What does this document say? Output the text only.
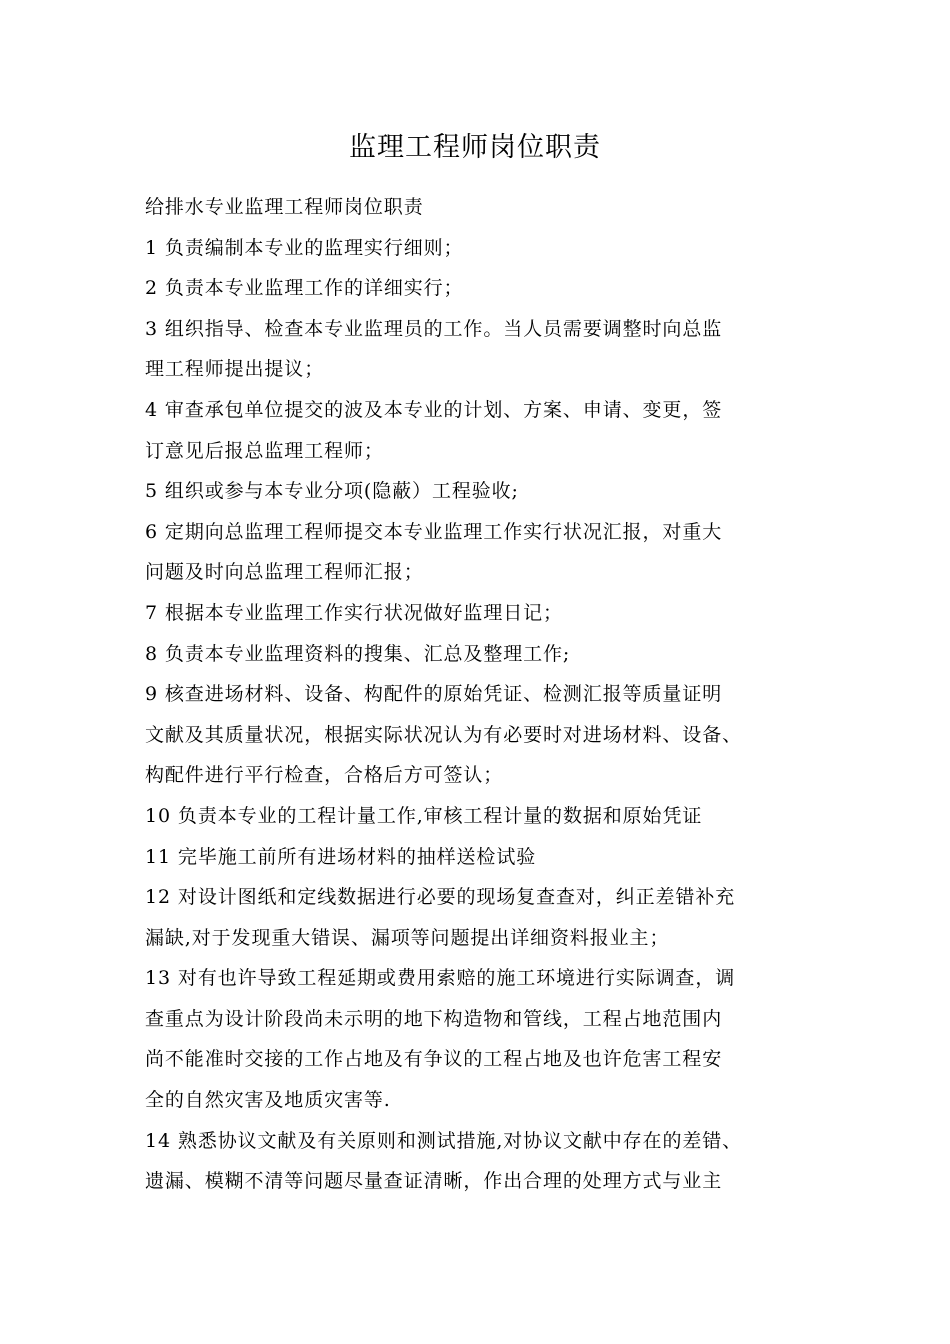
监理工程师岗位职责
给排水专业监理工程师岗位职责
1 负责编制本专业的监理实行细则；
2 负责本专业监理工作的详细实行；
3 组织指导、检查本专业监理员的工作。当人员需要调整时向总监
理工程师提出提议；
4 审查承包单位提交的波及本专业的计划、方案、申请、变更，签
订意见后报总监理工程师；
5 组织或参与本专业分项(隐蔽）工程验收;
6 定期向总监理工程师提交本专业监理工作实行状况汇报，对重大
问题及时向总监理工程师汇报；
7 根据本专业监理工作实行状况做好监理日记；
8 负责本专业监理资料的搜集、汇总及整理工作;
9 核查进场材料、设备、构配件的原始凭证、检测汇报等质量证明
文献及其质量状况，根据实际状况认为有必要时对进场材料、设备、
构配件进行平行检查，合格后方可签认；
10 负责本专业的工程计量工作,审核工程计量的数据和原始凭证
11 完毕施工前所有进场材料的抽样送检试验
12 对设计图纸和定线数据进行必要的现场复查查对，纠正差错补充
漏缺,对于发现重大错误、漏项等问题提出详细资料报业主；
13 对有也许导致工程延期或费用索赔的施工环境进行实际调查，调
查重点为设计阶段尚未示明的地下构造物和管线，工程占地范围内
尚不能准时交接的工作占地及有争议的工程占地及也许危害工程安
全的自然灾害及地质灾害等.
14 熟悉协议文献及有关原则和测试措施,对协议文献中存在的差错、
遗漏、模糊不清等问题尽量查证清晰，作出合理的处理方式与业主
